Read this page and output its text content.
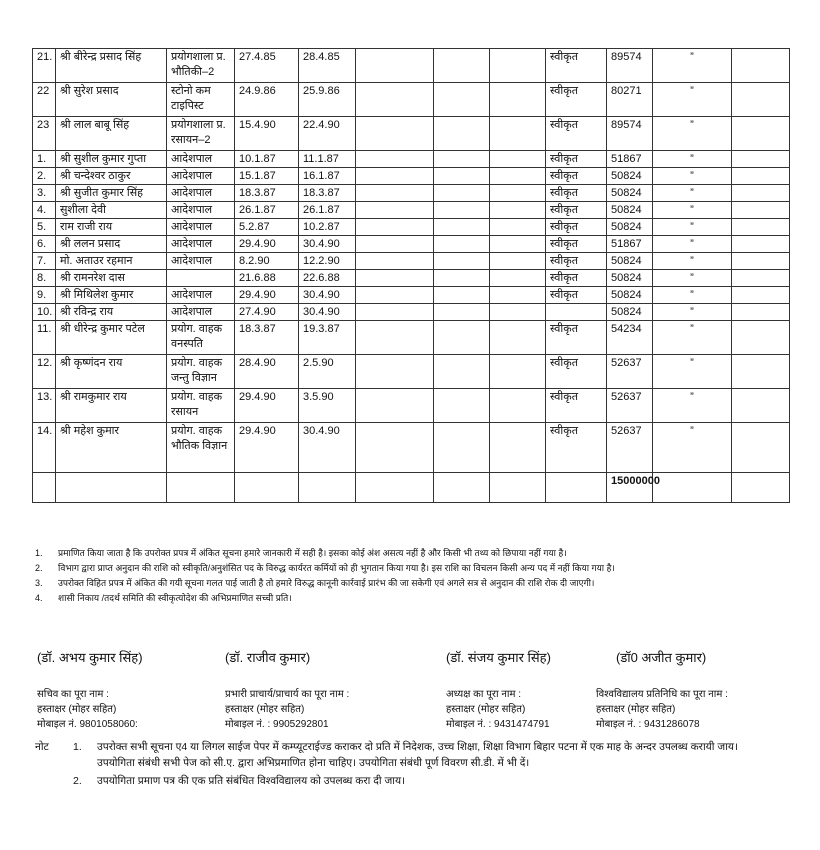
21.	श्री बीरेन्द्र प्रसाद सिंह	प्रयोगशाला प्र. भौतिकी–2	27.4.85	28.4.85				स्वीकृत	89574	”	
22	श्री सुरेश प्रसाद	स्टोनो कम टाइपिस्ट	24.9.86	25.9.86				स्वीकृत	80271	”	
23	श्री लाल बाबू सिंह	प्रयोगशाला प्र. रसायन–2	15.4.90	22.4.90				स्वीकृत	89574	”	
1.	श्री सुशील कुमार गुप्ता	आदेशपाल	10.1.87	11.1.87				स्वीकृत	51867	”	
2.	श्री चन्देश्वर ठाकुर	आदेशपाल	15.1.87	16.1.87				स्वीकृत	50824	”	
3.	श्री सुजीत कुमार सिंह	आदेशपाल	18.3.87	18.3.87				स्वीकृत	50824	”	
4.	सुशीला देवी	आदेशपाल	26.1.87	26.1.87				स्वीकृत	50824	”	
5.	राम राजी राय	आदेशपाल	5.2.87	10.2.87				स्वीकृत	50824	”	
6.	श्री ललन प्रसाद	आदेशपाल	29.4.90	30.4.90				स्वीकृत	51867	”	
7.	मो. अताउर रहमान	आदेशपाल	8.2.90	12.2.90				स्वीकृत	50824	”	
8.	श्री रामनरेश दास		21.6.88	22.6.88				स्वीकृत	50824	”	
9.	श्री मिथिलेश कुमार	आदेशपाल	29.4.90	30.4.90				स्वीकृत	50824	”	
10.	श्री रविन्द्र राय	आदेशपाल	27.4.90	30.4.90					50824	”	
11.	श्री धीरेन्द्र कुमार पटेल	प्रयोग. वाहक वनस्पति	18.3.87	19.3.87				स्वीकृत	54234	”	
12.	श्री कृष्णंदन राय	प्रयोग. वाहक जन्तु विज्ञान	28.4.90	2.5.90				स्वीकृत	52637	”	
13.	श्री रामकुमार राय	प्रयोग. वाहक रसायन	29.4.90	3.5.90				स्वीकृत	52637	”	
14.	श्री महेश कुमार	प्रयोग. वाहक भौतिक विज्ञान	29.4.90	30.4.90				स्वीकृत	52637	”	
									15000000		
1.	प्रमाणित किया जाता है कि उपरोक्त प्रपत्र में अंकित सूचना हमारे जानकारी में सही है। इसका कोई अंश असत्य नहीं है और किसी भी तथ्य को छिपाया नहीं गया है।
2.	विभाग द्वारा प्राप्त अनुदान की राशि को स्वीकृति/अनुशंसित पद के विरुद्ध कार्यरत कर्मियों को ही भुगतान किया गया है। इस राशि का विचलन किसी अन्य पद में नहीं किया गया है।
3.	उपरोक्त विहित प्रपत्र में अंकित की गयी सूचना गलत पाई जाती है तो हमारे विरुद्ध कानूनी कार्रवाई प्रारंभ की जा सकेगी एवं अगले सत्र से अनुदान की राशि रोक दी जाएगी।
4.	शासी निकाय /तदर्थ समिति की स्वीकृत्योदेश की अभिप्रमाणित सच्ची प्रति।
(डॉ. अभय कुमार सिंह)	(डॉ. राजीव कुमार)	(डॉ. संजय कुमार सिंह)	(डॉ0 अजीत कुमार)
सचिव का पूरा नाम :
हस्ताक्षर (मोहर सहित)
मोबाइल नं. 9801058060:
प्रभारी प्राचार्य/प्राचार्य का पूरा नाम :
हस्ताक्षर (मोहर सहित)
मोबाइल नं. : 9905292801
अध्यक्ष का पूरा नाम :
हस्ताक्षर (मोहर सहित)
मोबाइल नं. : 9431474791
विश्वविद्यालय प्रतिनिधि का पूरा नाम :
हस्ताक्षर (मोहर सहित)
मोबाइल नं. : 9431286078
नोट 1. उपरोक्त सभी सूचना ए4 या लिगल साईज पेपर में कम्प्यूटराईज्ड कराकर दो प्रति में निदेशक, उच्च शिक्षा, शिक्षा विभाग बिहार पटना में एक माह के अन्दर उपलब्ध करायी जाय।
उपयोगिता संबंधी सभी पेज को सी.ए. द्वारा अभिप्रमाणित होना चाहिए। उपयोगिता संबंधी पूर्ण विवरण सी.डी. में भी दें।
2. उपयोगिता प्रमाण पत्र की एक प्रति संबंधित विश्वविद्यालय को उपलब्ध करा दी जाय।
